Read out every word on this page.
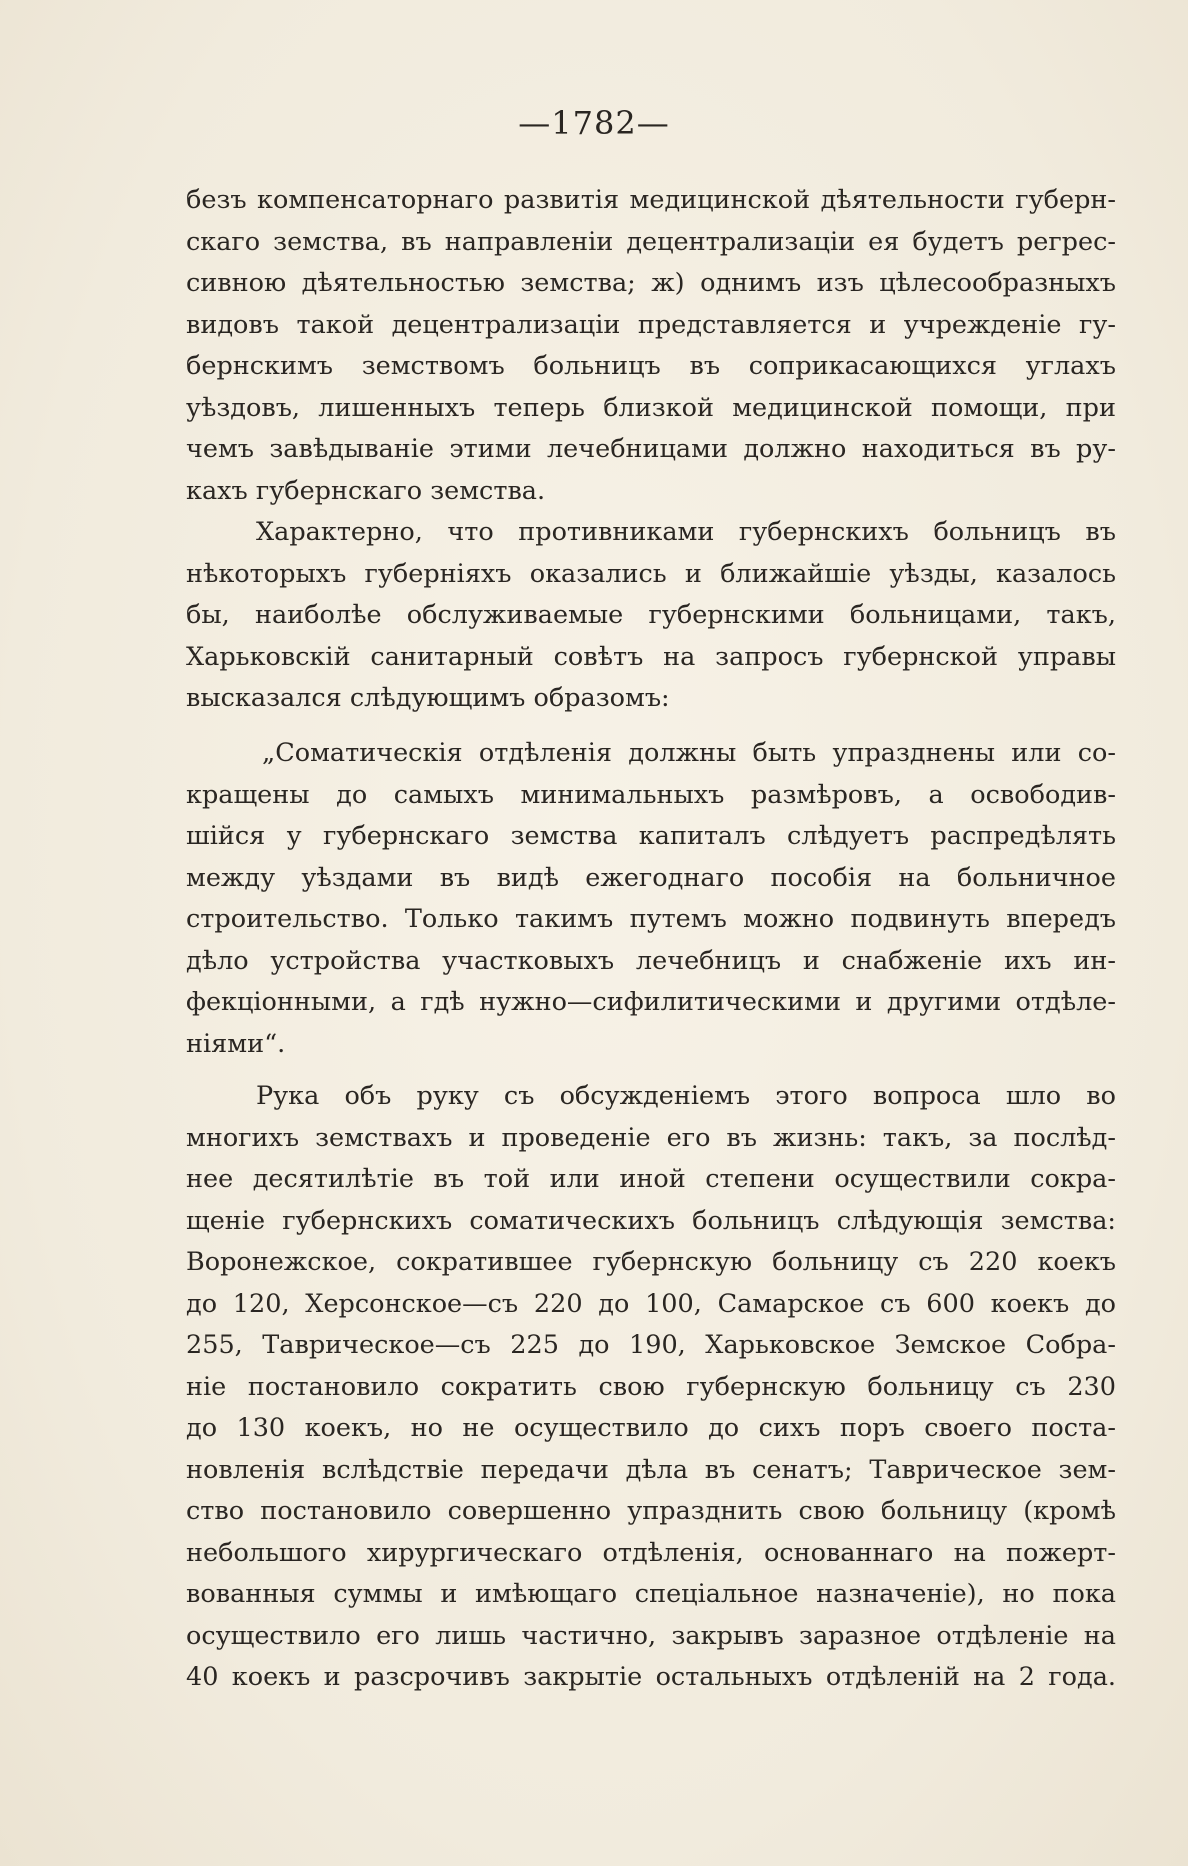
—1782—
безъ компенсаторнаго развитія медицинской дѣятельности губерн-
скаго земства, въ направленіи децентрализаціи ея будетъ регрес-
сивною дѣятельностью земства; ж) однимъ изъ цѣлесообразныхъ
видовъ такой децентрализаціи представляется и учрежденіе гу-
бернскимъ земствомъ больницъ въ соприкасающихся углахъ
уѣздовъ, лишенныхъ теперь близкой медицинской помощи, при
чемъ завѣдываніе этими лечебницами должно находиться въ ру-
кахъ губернскаго земства.
Характерно, что противниками губернскихъ больницъ въ
нѣкоторыхъ губерніяхъ оказались и ближайшіе уѣзды, казалось
бы, наиболѣе обслуживаемые губернскими больницами, такъ,
Харьковскій санитарный совѣтъ на запросъ губернской управы
высказался слѣдующимъ образомъ:
„Соматическія отдѣленія должны быть упразднены или со-
кращены до самыхъ минимальныхъ размѣровъ, а освободив-
шійся у губернскаго земства капиталъ слѣдуетъ распредѣлять
между уѣздами въ видѣ ежегоднаго пособія на больничное
строительство. Только такимъ путемъ можно подвинуть впередъ
дѣло устройства участковыхъ лечебницъ и снабженіе ихъ ин-
фекціонными, а гдѣ нужно—сифилитическими и другими отдѣле-
ніями“.
Рука объ руку съ обсужденіемъ этого вопроса шло во
многихъ земствахъ и проведеніе его въ жизнь: такъ, за послѣд-
нее десятилѣтіе въ той или иной степени осуществили сокра-
щеніе губернскихъ соматическихъ больницъ слѣдующія земства:
Воронежское, сократившее губернскую больницу съ 220 коекъ
до 120, Херсонское—съ 220 до 100, Самарское съ 600 коекъ до
255, Таврическое—съ 225 до 190, Харьковское Земское Собра-
ніе постановило сократить свою губернскую больницу съ 230
до 130 коекъ, но не осуществило до сихъ поръ своего поста-
новленія вслѣдствіе передачи дѣла въ сенатъ; Таврическое зем-
ство постановило совершенно упразднить свою больницу (кромѣ
небольшого хирургическаго отдѣленія, основаннаго на пожерт-
вованныя суммы и имѣющаго спеціальное назначеніе), но пока
осуществило его лишь частично, закрывъ заразное отдѣленіе на
40 коекъ и разсрочивъ закрытіе остальныхъ отдѣленій на 2 года.
